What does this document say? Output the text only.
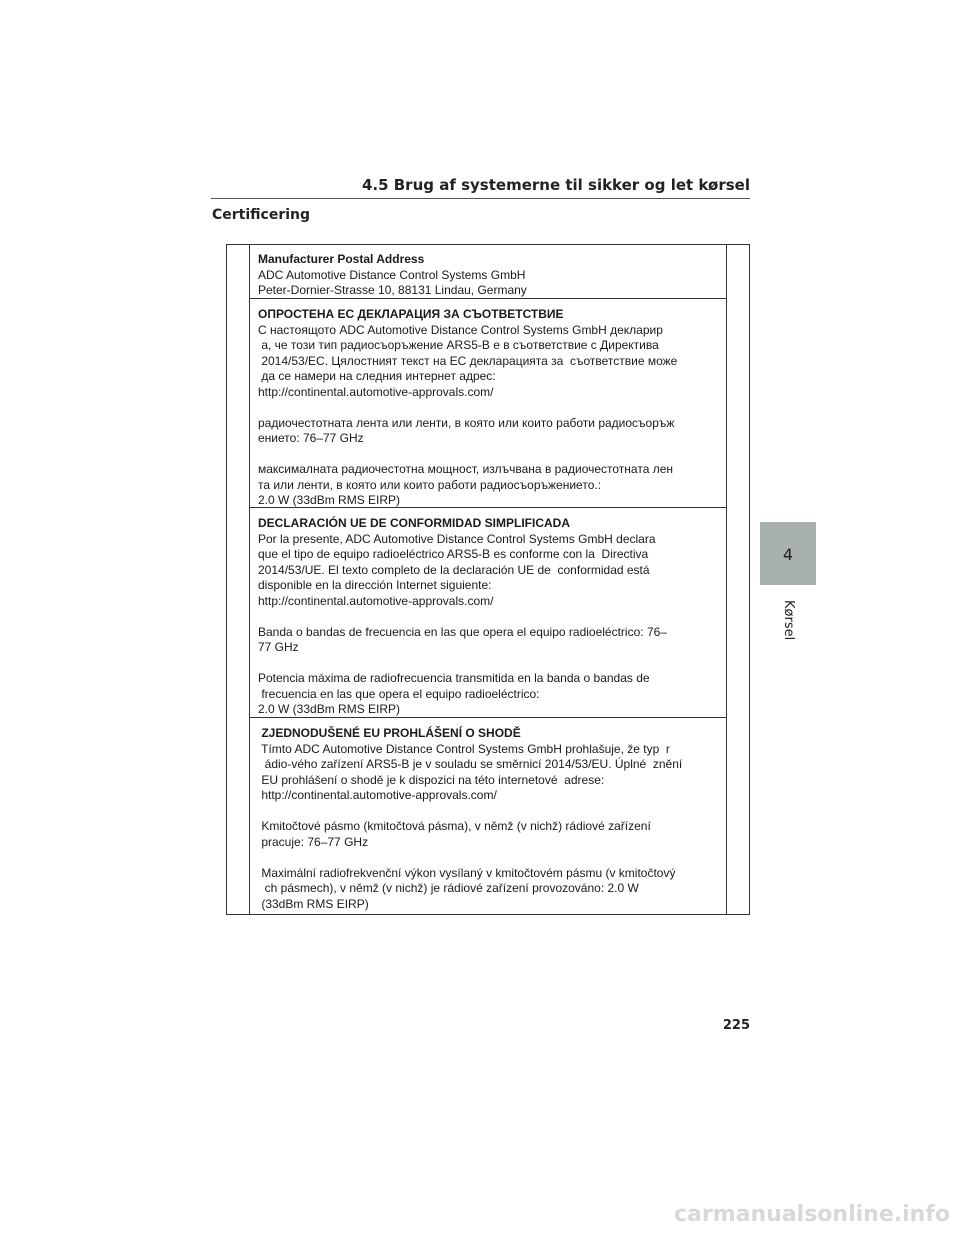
4.5 Brug af systemerne til sikker og let kørsel
Certificering
Manufacturer Postal Address
ADC Automotive Distance Control Systems GmbH
Peter-Dornier-Strasse 10, 88131 Lindau, Germany
ОПРОСТЕНА ЕС ДЕКЛАРАЦИЯ ЗА СЪОТВЕТСТВИЕ
С настоящото ADC Automotive Distance Control Systems GmbH декларир
а, че този тип радиосъоръжение ARS5-B е в съответствие с Директива
2014/53/ЕС. Цялостният текст на ЕС декларацията за  съответствие може
да се намери на следния интернет адрес:
http://continental.automotive-approvals.com/
радиочестотната лента или ленти, в която или които работи радиосъоръж
ението: 76–77 GHz
максималната радиочестотна мощност, излъчвана в радиочестотната лен
та или ленти, в която или които работи радиосъоръжението.:
2.0 W (33dBm RMS EIRP)
DECLARACIÓN UE DE CONFORMIDAD SIMPLIFICADA
Por la presente, ADC Automotive Distance Control Systems GmbH declara
que el tipo de equipo radioeléctrico ARS5-B es conforme con la  Directiva
2014/53/UE. El texto completo de la declaración UE de  conformidad está
disponible en la dirección Internet siguiente:
http://continental.automotive-approvals.com/
Banda o bandas de frecuencia en las que opera el equipo radioeléctrico: 76–
77 GHz
Potencia máxima de radiofrecuencia transmitida en la banda o bandas de
frecuencia en las que opera el equipo radioeléctrico:
2.0 W (33dBm RMS EIRP)
ZJEDNODUŠENÉ EU PROHLÁŠENÍ O SHODĚ
Tímto ADC Automotive Distance Control Systems GmbH prohlašuje, že typ  r
ádio-vého zařízení ARS5-B je v souladu se směrnicí 2014/53/EU. Úplné  znění
EU prohlášení o shodě je k dispozici na této internetové  adrese:
http://continental.automotive-approvals.com/
Kmitočtové pásmo (kmitočtová pásma), v němž (v nichž) rádiové zařízení
pracuje: 76–77 GHz
Maximální radiofrekvenční výkon vysílaný v kmitočtovém pásmu (v kmitočtový
ch pásmech), v němž (v nichž) je rádiové zařízení provozováno: 2.0 W
(33dBm RMS EIRP)
4
Kørsel
225
carmanualsonline.info
